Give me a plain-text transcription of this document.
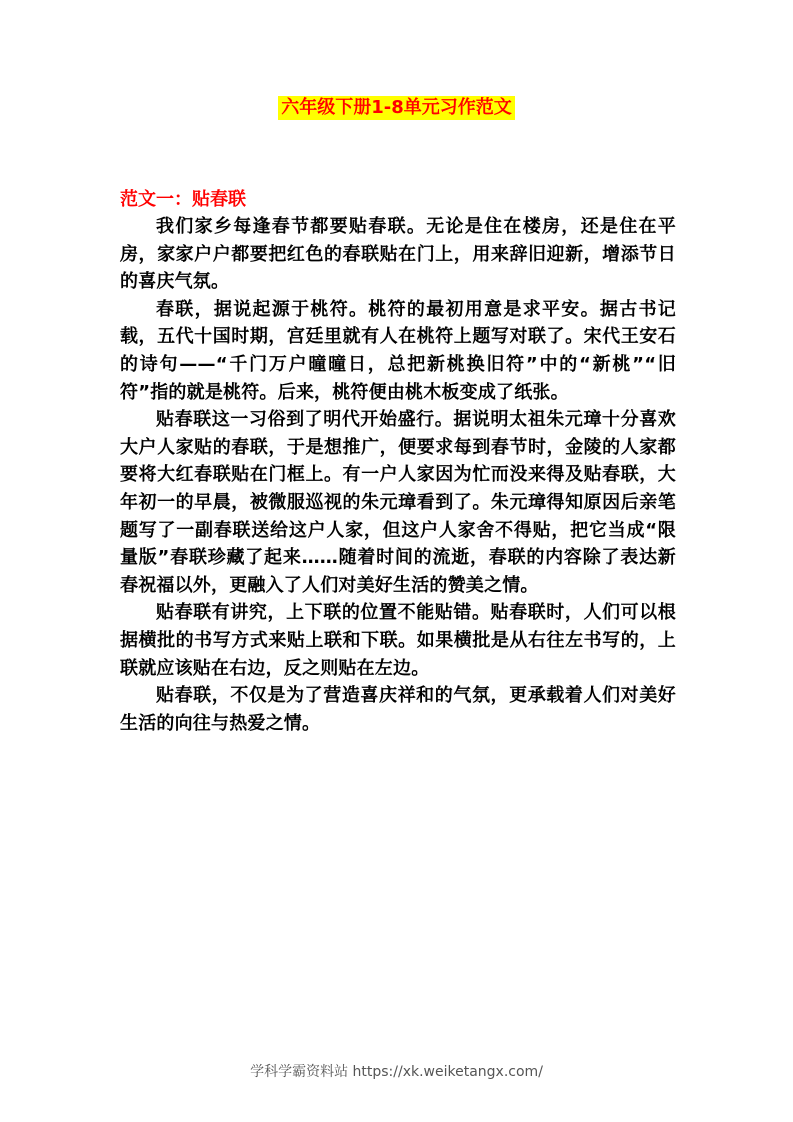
六年级下册1-8单元习作范文
范文一：贴春联

我们家乡每逢春节都要贴春联。无论是住在楼房，还是住在平房，家家户户都要把红色的春联贴在门上，用来辞旧迎新，增添节日的喜庆气氛。

春联，据说起源于桃符。桃符的最初用意是求平安。据古书记载，五代十国时期，宫廷里就有人在桃符上题写对联了。宋代王安石的诗句——“千门万户曈曈日，总把新桃换旧符”中的“新桃”“旧符”指的就是桃符。后来，桃符便由桃木板变成了纸张。

贴春联这一习俗到了明代开始盛行。据说明太祖朱元璋十分喜欢大户人家贴的春联，于是想推广，便要求每到春节时，金陵的人家都要将大红春联贴在门框上。有一户人家因为忙而没来得及贴春联，大年初一的早晨，被微服巡视的朱元璋看到了。朱元璋得知原因后亲笔题写了一副春联送给这户人家，但这户人家舍不得贴，把它当成“限量版”春联珍藏了起来……随着时间的流逝，春联的内容除了表达新春祝福以外，更融入了人们对美好生活的赞美之情。

贴春联有讲究，上下联的位置不能贴错。贴春联时，人们可以根据横批的书写方式来贴上联和下联。如果横批是从右往左书写的，上联就应该贴在右边，反之则贴在左边。

贴春联，不仅是为了营造喜庆祥和的气氛，更承载着人们对美好生活的向往与热爱之情。

学科学霸资料站 https://xk.weiketangx.com/
